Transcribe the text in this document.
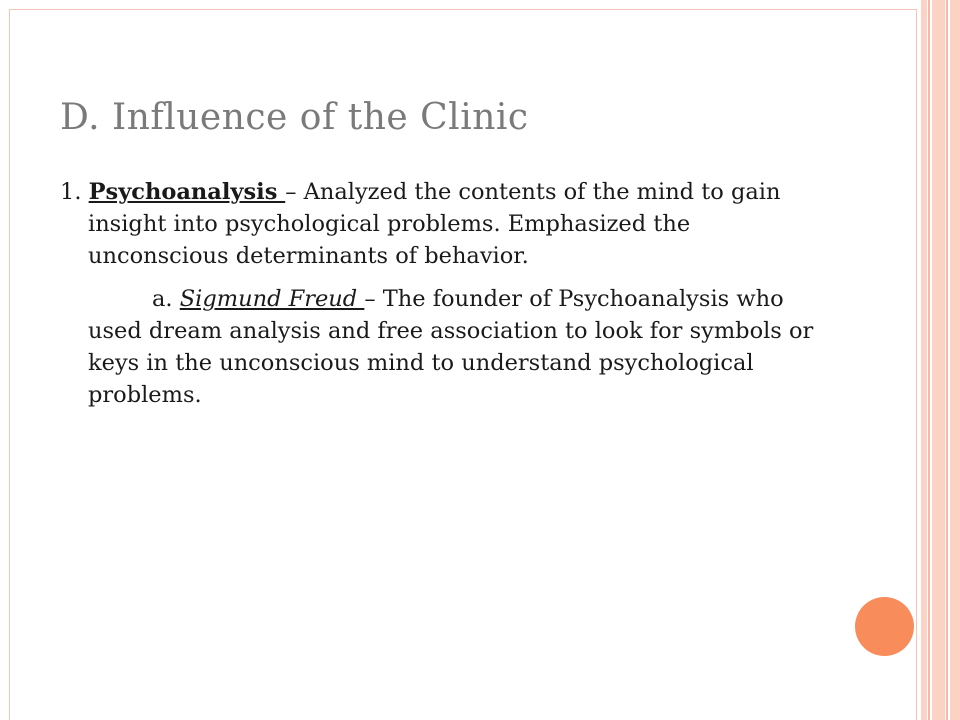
D. Influence of the Clinic

1. Psychoanalysis – Analyzed the contents of the mind to gain insight into psychological problems. Emphasized the unconscious determinants of behavior.

a. Sigmund Freud – The founder of Psychoanalysis who used dream analysis and free association to look for symbols or keys in the unconscious mind to understand psychological problems.
